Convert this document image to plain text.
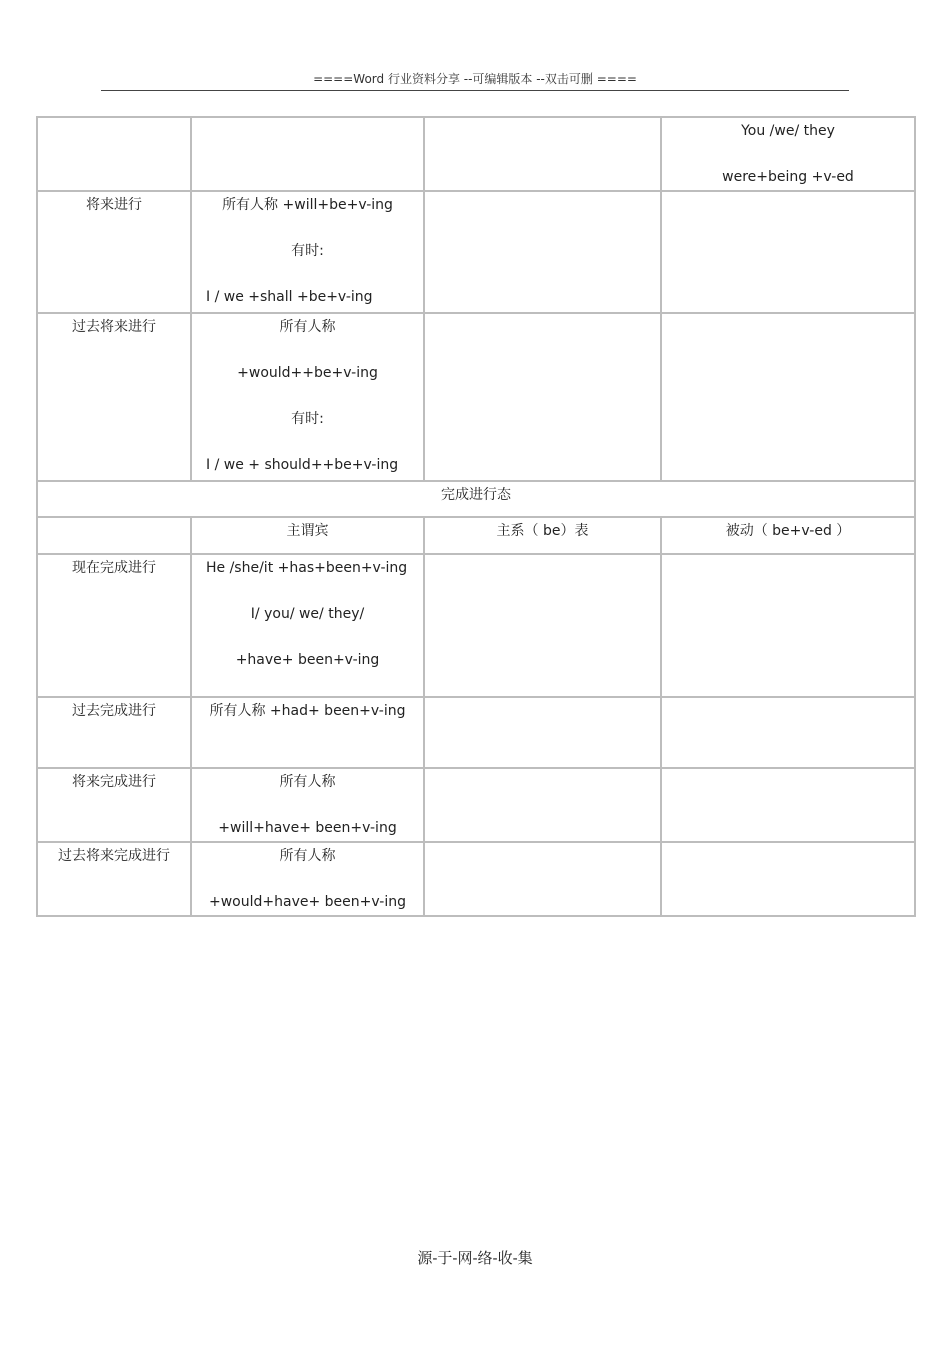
====Word 行业资料分享 --可编辑版本 --双击可删 ====

			You /we/ they
were+being +v-ed

将来进行	所有人称 +will+be+v-ing
有时:
I / we +shall +be+v-ing		

过去将来进行	所有人称
+would++be+v-ing
有时:
I / we + should++be+v-ing		

完成进行态			
	主谓宾	主系（ be）表	被动（ be+v-ed ）
现在完成进行	He /she/it +has+been+v-ing
I/ you/ we/ they/
+have+ been+v-ing		

过去完成进行	所有人称 +had+ been+v-ing		

将来完成进行	所有人称
+will+have+ been+v-ing		

过去将来完成进行	所有人称
+would+have+ been+v-ing		

源-于-网-络-收-集
